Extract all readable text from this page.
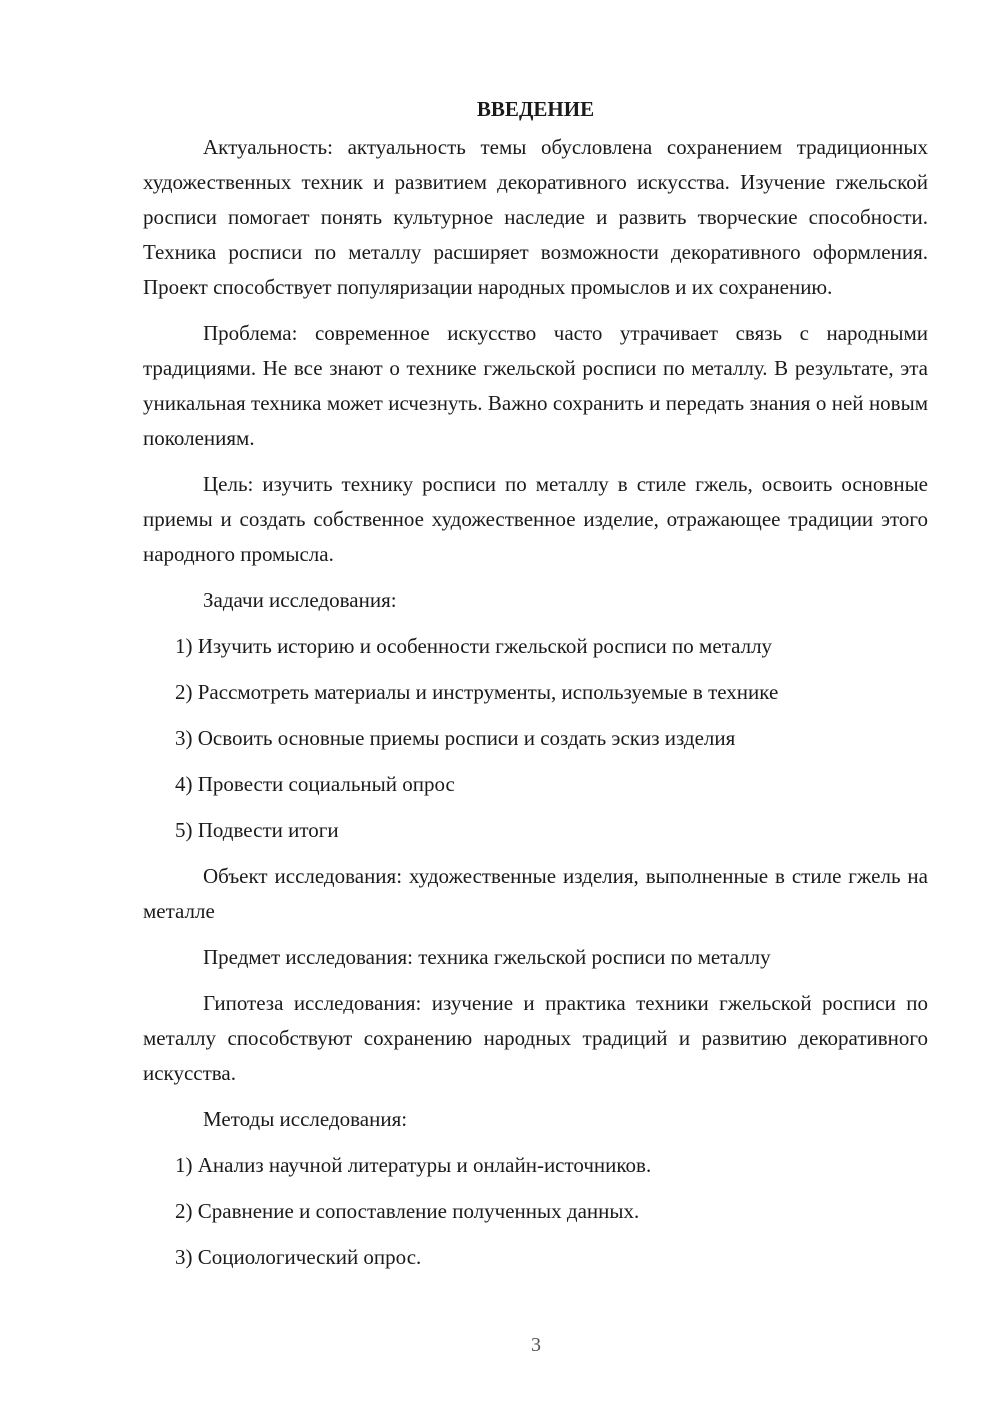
ВВЕДЕНИЕ

Актуальность: актуальность темы обусловлена сохранением традиционных художественных техник и развитием декоративного искусства. Изучение гжельской росписи помогает понять культурное наследие и развить творческие способности. Техника росписи по металлу расширяет возможности декоративного оформления. Проект способствует популяризации народных промыслов и их сохранению.

Проблема: современное искусство часто утрачивает связь с народными традициями. Не все знают о технике гжельской росписи по металлу. В результате, эта уникальная техника может исчезнуть. Важно сохранить и передать знания о ней новым поколениям.

Цель: изучить технику росписи по металлу в стиле гжель, освоить основные приемы и создать собственное художественное изделие, отражающее традиции этого народного промысла.

Задачи исследования:

1) Изучить историю и особенности гжельской росписи по металлу

2) Рассмотреть материалы и инструменты, используемые в технике

3) Освоить основные приемы росписи и создать эскиз изделия

4) Провести социальный опрос

5) Подвести итоги

Объект исследования: художественные изделия, выполненные в стиле гжель на металле

Предмет исследования: техника гжельской росписи по металлу

Гипотеза исследования: изучение и практика техники гжельской росписи по металлу способствуют сохранению народных традиций и развитию декоративного искусства.

Методы исследования:

1) Анализ научной литературы и онлайн-источников.

2) Сравнение и сопоставление полученных данных.

3) Социологический опрос.

3
